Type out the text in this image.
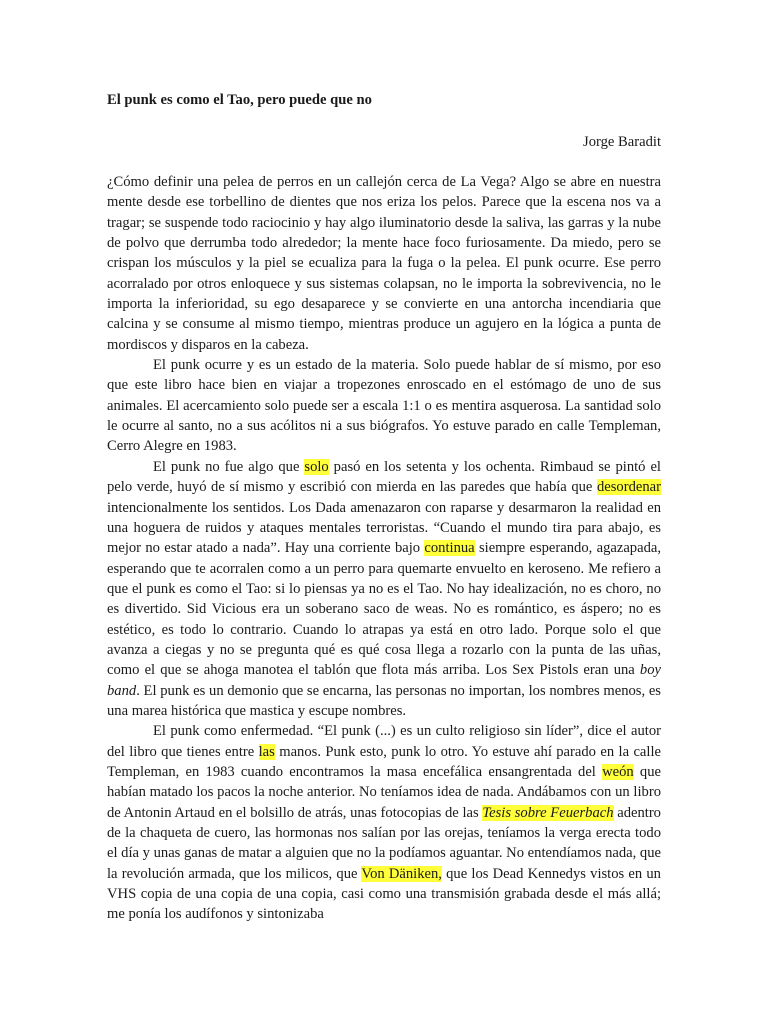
El punk es como el Tao, pero puede que no

Jorge Baradit

¿Cómo definir una pelea de perros en un callejón cerca de La Vega? Algo se abre en nuestra mente desde ese torbellino de dientes que nos eriza los pelos. Parece que la escena nos va a tragar; se suspende todo raciocinio y hay algo iluminatorio desde la saliva, las garras y la nube de polvo que derrumba todo alrededor; la mente hace foco furiosamente. Da miedo, pero se crispan los músculos y la piel se ecualiza para la fuga o la pelea. El punk ocurre. Ese perro acorralado por otros enloquece y sus sistemas colapsan, no le importa la sobrevivencia, no le importa la inferioridad, su ego desaparece y se convierte en una antorcha incendiaria que calcina y se consume al mismo tiempo, mientras produce un agujero en la lógica a punta de mordiscos y disparos en la cabeza.

El punk ocurre y es un estado de la materia. Solo puede hablar de sí mismo, por eso que este libro hace bien en viajar a tropezones enroscado en el estómago de uno de sus animales. El acercamiento solo puede ser a escala 1:1 o es mentira asquerosa. La santidad solo le ocurre al santo, no a sus acólitos ni a sus biógrafos. Yo estuve parado en calle Templeman, Cerro Alegre en 1983.

El punk no fue algo que solo pasó en los setenta y los ochenta. Rimbaud se pintó el pelo verde, huyó de sí mismo y escribió con mierda en las paredes que había que desordenar intencionalmente los sentidos. Los Dada amenazaron con raparse y desarmaron la realidad en una hoguera de ruidos y ataques mentales terroristas. “Cuando el mundo tira para abajo, es mejor no estar atado a nada”. Hay una corriente bajo continua siempre esperando, agazapada, esperando que te acorralen como a un perro para quemarte envuelto en keroseno. Me refiero a que el punk es como el Tao: si lo piensas ya no es el Tao. No hay idealización, no es choro, no es divertido. Sid Vicious era un soberano saco de weas. No es romántico, es áspero; no es estético, es todo lo contrario. Cuando lo atrapas ya está en otro lado. Porque solo el que avanza a ciegas y no se pregunta qué es qué cosa llega a rozarlo con la punta de las uñas, como el que se ahoga manotea el tablón que flota más arriba. Los Sex Pistols eran una boy band. El punk es un demonio que se encarna, las personas no importan, los nombres menos, es una marea histórica que mastica y escupe nombres.

El punk como enfermedad. “El punk (...) es un culto religioso sin líder”, dice el autor del libro que tienes entre las manos. Punk esto, punk lo otro. Yo estuve ahí parado en la calle Templeman, en 1983 cuando encontramos la masa encefálica ensangrentada del weón que habían matado los pacos la noche anterior. No teníamos idea de nada. Andábamos con un libro de Antonin Artaud en el bolsillo de atrás, unas fotocopias de las Tesis sobre Feuerbach adentro de la chaqueta de cuero, las hormonas nos salían por las orejas, teníamos la verga erecta todo el día y unas ganas de matar a alguien que no la podíamos aguantar. No entendíamos nada, que la revolución armada, que los milicos, que Von Däniken, que los Dead Kennedys vistos en un VHS copia de una copia de una copia, casi como una transmisión grabada desde el más allá; me ponía los audífonos y sintonizaba
